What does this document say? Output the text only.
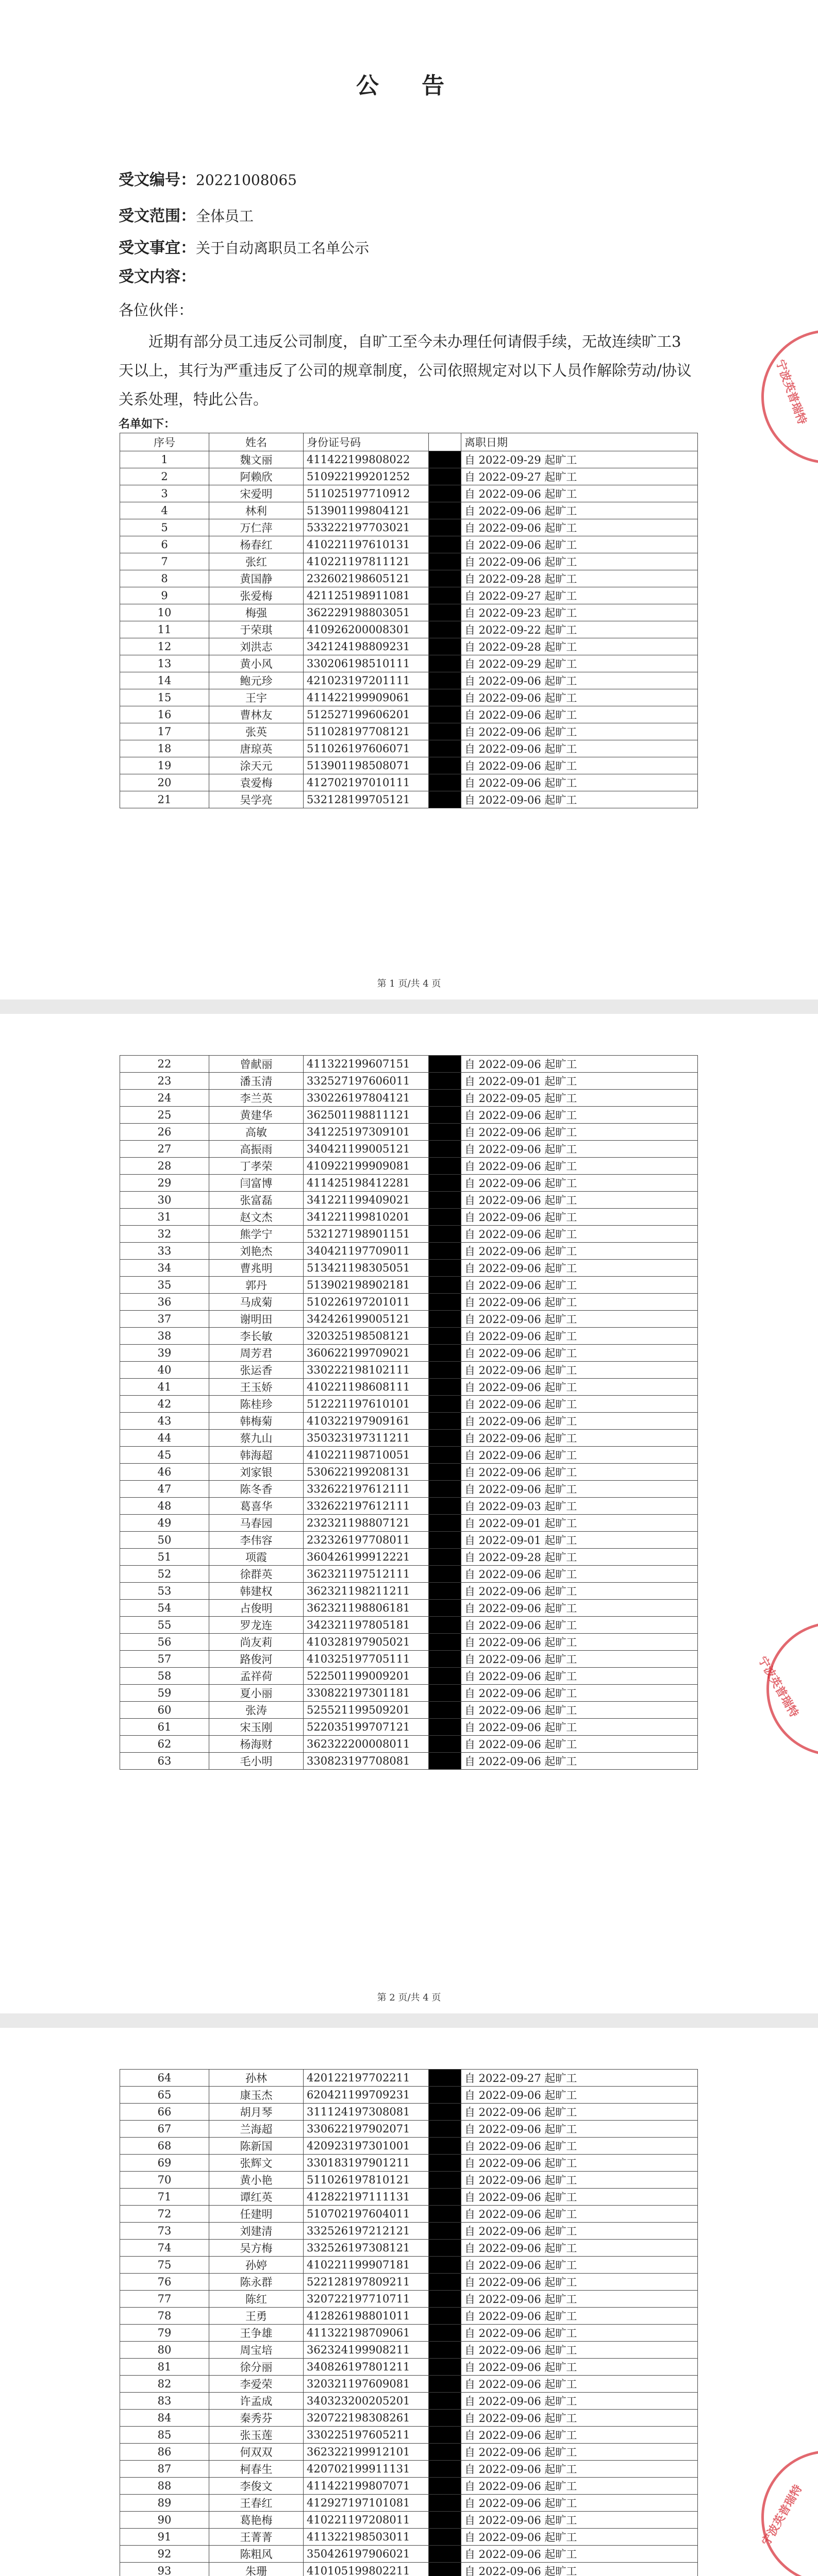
公 告
受文编号：20221008065
受文范围：全体员工
受文事宜：关于自动离职员工名单公示
受文内容：
各位伙伴：
近期有部分员工违反公司制度，自旷工至今未办理任何请假手续，无故连续旷工3天以上，其行为严重违反了公司的规章制度，公司依照规定对以下人员作解除劳动/协议关系处理，特此公告。
名单如下：
序号	姓名	身份证号码		离职日期
1	魏文丽	411422199808022		自 2022-09-29 起旷工
2	阿赖欣	510922199201252		自 2022-09-27 起旷工
3	宋爱明	511025197710912		自 2022-09-06 起旷工
4	林利	513901199804121		自 2022-09-06 起旷工
5	万仁萍	533222197703021		自 2022-09-06 起旷工
6	杨春红	410221197610131		自 2022-09-06 起旷工
7	张红	410221197811121		自 2022-09-06 起旷工
8	黄国静	232602198605121		自 2022-09-28 起旷工
9	张爱梅	421125198911081		自 2022-09-27 起旷工
10	梅强	362229198803051		自 2022-09-23 起旷工
11	于荣琪	410926200008301		自 2022-09-22 起旷工
12	刘洪志	342124198809231		自 2022-09-28 起旷工
13	黄小风	330206198510111		自 2022-09-29 起旷工
14	鲍元珍	421023197201111		自 2022-09-06 起旷工
15	王宇	411422199909061		自 2022-09-06 起旷工
16	曹林友	512527199606201		自 2022-09-06 起旷工
17	张英	511028197708121		自 2022-09-06 起旷工
18	唐琼英	511026197606071		自 2022-09-06 起旷工
19	涂天元	513901198508071		自 2022-09-06 起旷工
20	袁爱梅	412702197010111		自 2022-09-06 起旷工
21	吴学亮	532128199705121		自 2022-09-06 起旷工
第 1 页/共 4 页
宁波英普瑞特
22	曾献丽	411322199607151		自 2022-09-06 起旷工
23	潘玉清	332527197606011		自 2022-09-01 起旷工
24	李兰英	330226197804121		自 2022-09-05 起旷工
25	黄建华	362501198811121		自 2022-09-06 起旷工
26	高敏	341225197309101		自 2022-09-06 起旷工
27	高振雨	340421199005121		自 2022-09-06 起旷工
28	丁孝荣	410922199909081		自 2022-09-06 起旷工
29	闫富博	411425198412281		自 2022-09-06 起旷工
30	张富磊	341221199409021		自 2022-09-06 起旷工
31	赵文杰	341221199810201		自 2022-09-06 起旷工
32	熊学宁	532127198901151		自 2022-09-06 起旷工
33	刘艳杰	340421197709011		自 2022-09-06 起旷工
34	曹兆明	513421198305051		自 2022-09-06 起旷工
35	郭丹	513902198902181		自 2022-09-06 起旷工
36	马成菊	510226197201011		自 2022-09-06 起旷工
37	谢明田	342426199005121		自 2022-09-06 起旷工
38	李长敏	320325198508121		自 2022-09-06 起旷工
39	周芳君	360622199709021		自 2022-09-06 起旷工
40	张运香	330222198102111		自 2022-09-06 起旷工
41	王玉娇	410221198608111		自 2022-09-06 起旷工
42	陈桂珍	512221197610101		自 2022-09-06 起旷工
43	韩梅菊	410322197909161		自 2022-09-06 起旷工
44	蔡九山	350323197311211		自 2022-09-06 起旷工
45	韩海超	410221198710051		自 2022-09-06 起旷工
46	刘家银	530622199208131		自 2022-09-06 起旷工
47	陈冬香	332622197612111		自 2022-09-06 起旷工
48	葛喜华	332622197612111		自 2022-09-03 起旷工
49	马春园	232321198807121		自 2022-09-01 起旷工
50	李伟容	232326197708011		自 2022-09-01 起旷工
51	项霞	360426199912221		自 2022-09-28 起旷工
52	徐群英	362321197512111		自 2022-09-06 起旷工
53	韩建权	362321198211211		自 2022-09-06 起旷工
54	占俊明	362321198806181		自 2022-09-06 起旷工
55	罗龙连	342321197805181		自 2022-09-06 起旷工
56	尚友莉	410328197905021		自 2022-09-06 起旷工
57	路俊河	410325197705111		自 2022-09-06 起旷工
58	孟祥荷	522501199009201		自 2022-09-06 起旷工
59	夏小丽	330822197301181		自 2022-09-06 起旷工
60	张涛	525521199509201		自 2022-09-06 起旷工
61	宋玉刚	522035199707121		自 2022-09-06 起旷工
62	杨海财	362322200008011		自 2022-09-06 起旷工
63	毛小明	330823197708081		自 2022-09-06 起旷工
第 2 页/共 4 页
宁波英普瑞特
64	孙林	420122197702211		自 2022-09-27 起旷工
65	康玉杰	620421199709231		自 2022-09-06 起旷工
66	胡月琴	311124197308081		自 2022-09-06 起旷工
67	兰海超	330622197902071		自 2022-09-06 起旷工
68	陈新国	420923197301001		自 2022-09-06 起旷工
69	张辉文	330183197901211		自 2022-09-06 起旷工
70	黄小艳	511026197810121		自 2022-09-06 起旷工
71	谭红英	412822197111131		自 2022-09-06 起旷工
72	任建明	510702197604011		自 2022-09-06 起旷工
73	刘建清	332526197212121		自 2022-09-06 起旷工
74	吴方梅	332526197308121		自 2022-09-06 起旷工
75	孙婷	410221199907181		自 2022-09-06 起旷工
76	陈永群	522128197809211		自 2022-09-06 起旷工
77	陈红	320722197710711		自 2022-09-06 起旷工
78	王勇	412826198801011		自 2022-09-06 起旷工
79	王争雄	411322198709061		自 2022-09-06 起旷工
80	周宝培	362324199908211		自 2022-09-06 起旷工
81	徐分丽	340826197801211		自 2022-09-06 起旷工
82	李爱荣	320321197609081		自 2022-09-06 起旷工
83	许孟成	340323200205201		自 2022-09-06 起旷工
84	秦秀芬	320722198308261		自 2022-09-06 起旷工
85	张玉莲	330225197605211		自 2022-09-06 起旷工
86	何双双	362322199912101		自 2022-09-06 起旷工
87	柯春生	420702199911131		自 2022-09-06 起旷工
88	李俊文	411422199807071		自 2022-09-06 起旷工
89	王春红	412927197101081		自 2022-09-06 起旷工
90	葛艳梅	410221197208011		自 2022-09-06 起旷工
91	王菁菁	411322198503011		自 2022-09-06 起旷工
92	陈粗风	350426197906021		自 2022-09-06 起旷工
93	朱珊	410105199802211		自 2022-09-06 起旷工

宁波英普瑞特
